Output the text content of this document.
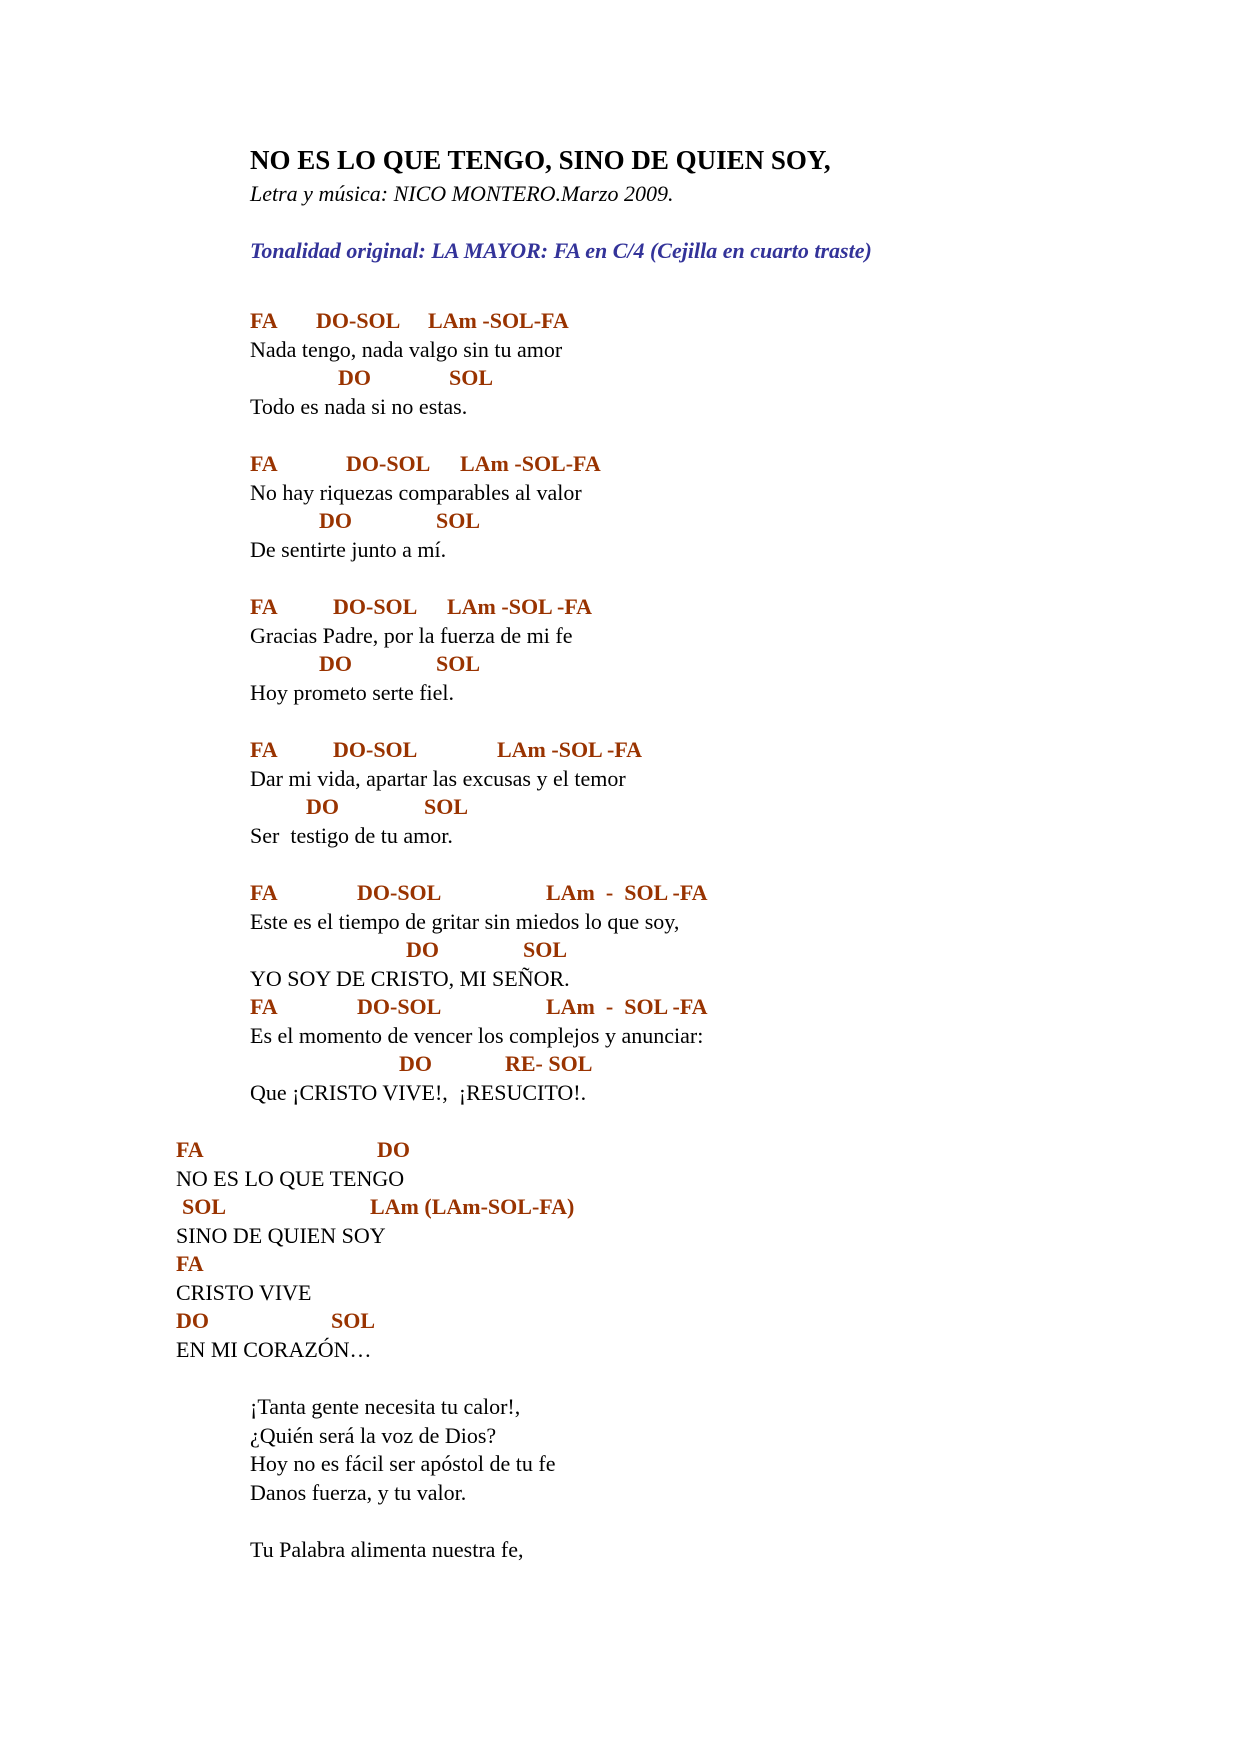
NO ES LO QUE TENGO, SINO DE QUIEN SOY,
Letra y música: NICO MONTERO.Marzo 2009.
Tonalidad original: LA MAYOR: FA en C/4 (Cejilla en cuarto traste)
FA DO-SOL LAm -SOL-FA
Nada tengo, nada valgo sin tu amor
DO	SOL
Todo es nada si no estas.
FA	DO-SOL LAm -SOL-FA
No hay riquezas comparables al valor
DO	SOL
De sentirte junto a mí.
FA	DO-SOL LAm -SOL -FA
Gracias Padre, por la fuerza de mi fe
DO	SOL
Hoy prometo serte fiel.
FA	DO-SOL	LAm -SOL -FA
Dar mi vida, apartar las excusas y el temor
DO	SOL
Ser  testigo de tu amor.
FA	DO-SOL	LAm  -  SOL -FA
Este es el tiempo de gritar sin miedos lo que soy,
DO	SOL
YO SOY DE CRISTO, MI SEÑOR.
FA	DO-SOL	LAm  -  SOL -FA
Es el momento de vencer los complejos y anunciar:
DO	RE- SOL
Que ¡CRISTO VIVE!,  ¡RESUCITO!.
FA	DO
NO ES LO QUE TENGO
SOL	LAm (LAm-SOL-FA)
SINO DE QUIEN SOY
FA
CRISTO VIVE
DO	SOL
EN MI CORAZÓN…
¡Tanta gente necesita tu calor!,
¿Quién será la voz de Dios?
Hoy no es fácil ser apóstol de tu fe
Danos fuerza, y tu valor.
Tu Palabra alimenta nuestra fe,
